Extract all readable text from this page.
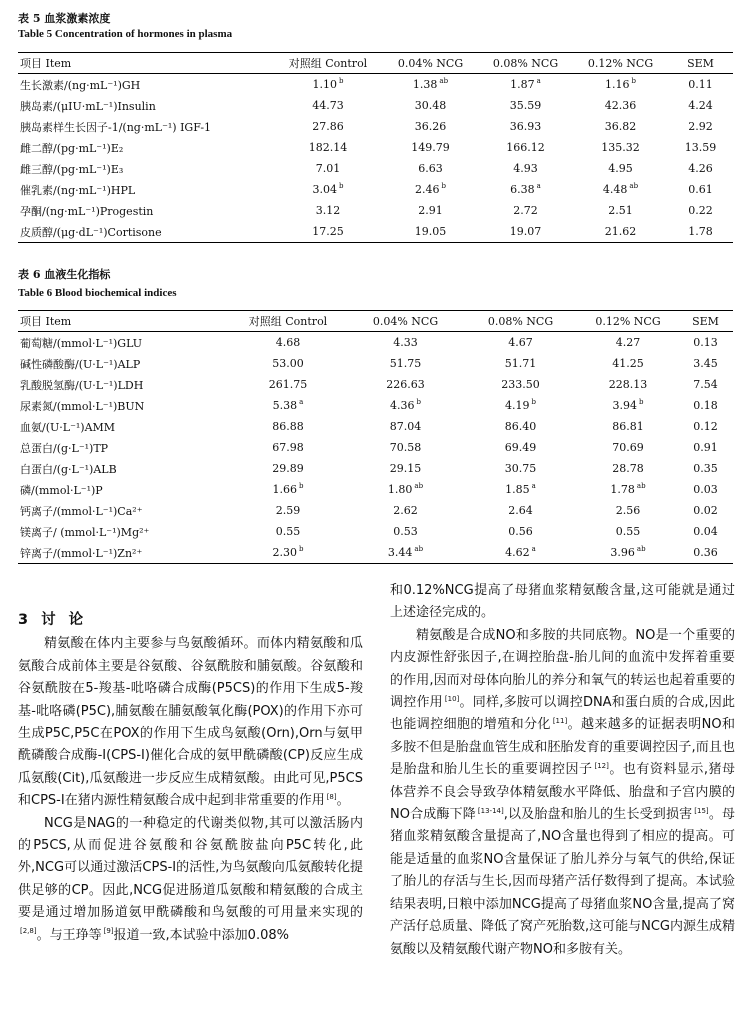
表 5 血浆激素浓度
Table 5 Concentration of hormones in plasma
项目 Item	对照组 Control	0.04% NCG	0.08% NCG	0.12% NCG	SEM
生长激素/(ng·mL⁻¹)GH	1.10 $^b$	1.38 $^{ab}$	1.87 $^a$	1.16 $^b$	0.11
胰岛素/(μIU·mL⁻¹)Insulin	44.73	30.48	35.59	42.36	4.24
胰岛素样生长因子-1/(ng·mL⁻¹) IGF-1	27.86	36.26	36.93	36.82	2.92
雌二醇/(pg·mL⁻¹)E₂	182.14	149.79	166.12	135.32	13.59
雌三醇/(pg·mL⁻¹)E₃	7.01	6.63	4.93	4.95	4.26
催乳素/(ng·mL⁻¹)HPL	3.04 $^b$	2.46 $^b$	6.38 $^a$	4.48 $^{ab}$	0.61
孕酮/(ng·mL⁻¹)Progestin	3.12	2.91	2.72	2.51	0.22
皮质醇/(μg·dL⁻¹)Cortisone	17.25	19.05	19.07	21.62	1.78
表 6 血液生化指标
Table 6 Blood biochemical indices
项目 Item	对照组 Control	0.04% NCG	0.08% NCG	0.12% NCG	SEM
葡萄糖/(mmol·L⁻¹)GLU	4.68	4.33	4.67	4.27	0.13
碱性磷酸酶/(U·L⁻¹)ALP	53.00	51.75	51.71	41.25	3.45
乳酸脱氢酶/(U·L⁻¹)LDH	261.75	226.63	233.50	228.13	7.54
尿素氮/(mmol·L⁻¹)BUN	5.38 $^a$	4.36 $^b$	4.19 $^b$	3.94 $^b$	0.18
血氨/(U·L⁻¹)AMM	86.88	87.04	86.40	86.81	0.12
总蛋白/(g·L⁻¹)TP	67.98	70.58	69.49	70.69	0.91
白蛋白/(g·L⁻¹)ALB	29.89	29.15	30.75	28.78	0.35
磷/(mmol·L⁻¹)P	1.66 $^b$	1.80 $^{ab}$	1.85 $^a$	1.78 $^{ab}$	0.03
钙离子/(mmol·L⁻¹)Ca²⁺	2.59	2.62	2.64	2.56	0.02
镁离子/ (mmol·L⁻¹)Mg²⁺	0.55	0.53	0.56	0.55	0.04
锌离子/(mmol·L⁻¹)Zn²⁺	2.30 $^b$	3.44 $^{ab}$	4.62 $^a$	3.96 $^{ab}$	0.36
3 讨 论

精氨酸在体内主要参与鸟氨酸循环。而体内精氨酸和瓜氨酸合成前体主要是谷氨酸、谷氨酰胺和脯氨酸。谷氨酸和谷氨酰胺在5-羧基-吡咯磷合成酶(P5CS)的作用下生成5-羧基-吡咯磷(P5C),脯氨酸在脯氨酸氧化酶(POX)的作用下亦可生成P5C,P5C在POX的作用下生成鸟氨酸(Orn),Orn与氨甲酰磷酸合成酶-I(CPS-I)催化合成的氨甲酰磷酸(CP)反应生成瓜氨酸(Cit),瓜氨酸进一步反应生成精氨酸。由此可见,P5CS和CPS-I在猪内源性精氨酸合成中起到非常重要的作用 [8]。

NCG是NAG的一种稳定的代谢类似物,其可以激活肠内的P5CS,从而促进谷氨酸和谷氨酰胺盐向P5C转化,此外,NCG可以通过激活CPS-I的活性,为鸟氨酸向瓜氨酸转化提供足够的CP。因此,NCG促进肠道瓜氨酸和精氨酸的合成主要是通过增加肠道氨甲酰磷酸和鸟氨酸的可用量来实现的[2,8]。与王琤等 [9]报道一致,本试验中添加0.08%

和0.12%NCG提高了母猪血浆精氨酸含量,这可能就是通过上述途径完成的。

精氨酸是合成NO和多胺的共同底物。NO是一个重要的内皮源性舒张因子,在调控胎盘-胎儿间的血流中发挥着重要的作用,因而对母体向胎儿的养分和氧气的转运也起着重要的调控作用 [10]。同样,多胺可以调控DNA和蛋白质的合成,因此也能调控细胞的增殖和分化 [11]。越来越多的证据表明NO和多胺不但是胎盘血管生成和胚胎发育的重要调控因子,而且也是胎盘和胎儿生长的重要调控因子 [12]。也有资料显示,猪母体营养不良会导致孕体精氨酸水平降低、胎盘和子宫内膜的NO合成酶下降 [13-14],以及胎盘和胎儿的生长受到损害 [15]。母猪血浆精氨酸含量提高了,NO含量也得到了相应的提高。可能是适量的血浆NO含量保证了胎儿养分与氧气的供给,保证了胎儿的存活与生长,因而母猪产活仔数得到了提高。本试验结果表明,日粮中添加NCG提高了母猪血浆NO含量,提高了窝产活仔总质量、降低了窝产死胎数,这可能与NCG内源生成精氨酸以及精氨酸代谢产物NO和多胺有关。
